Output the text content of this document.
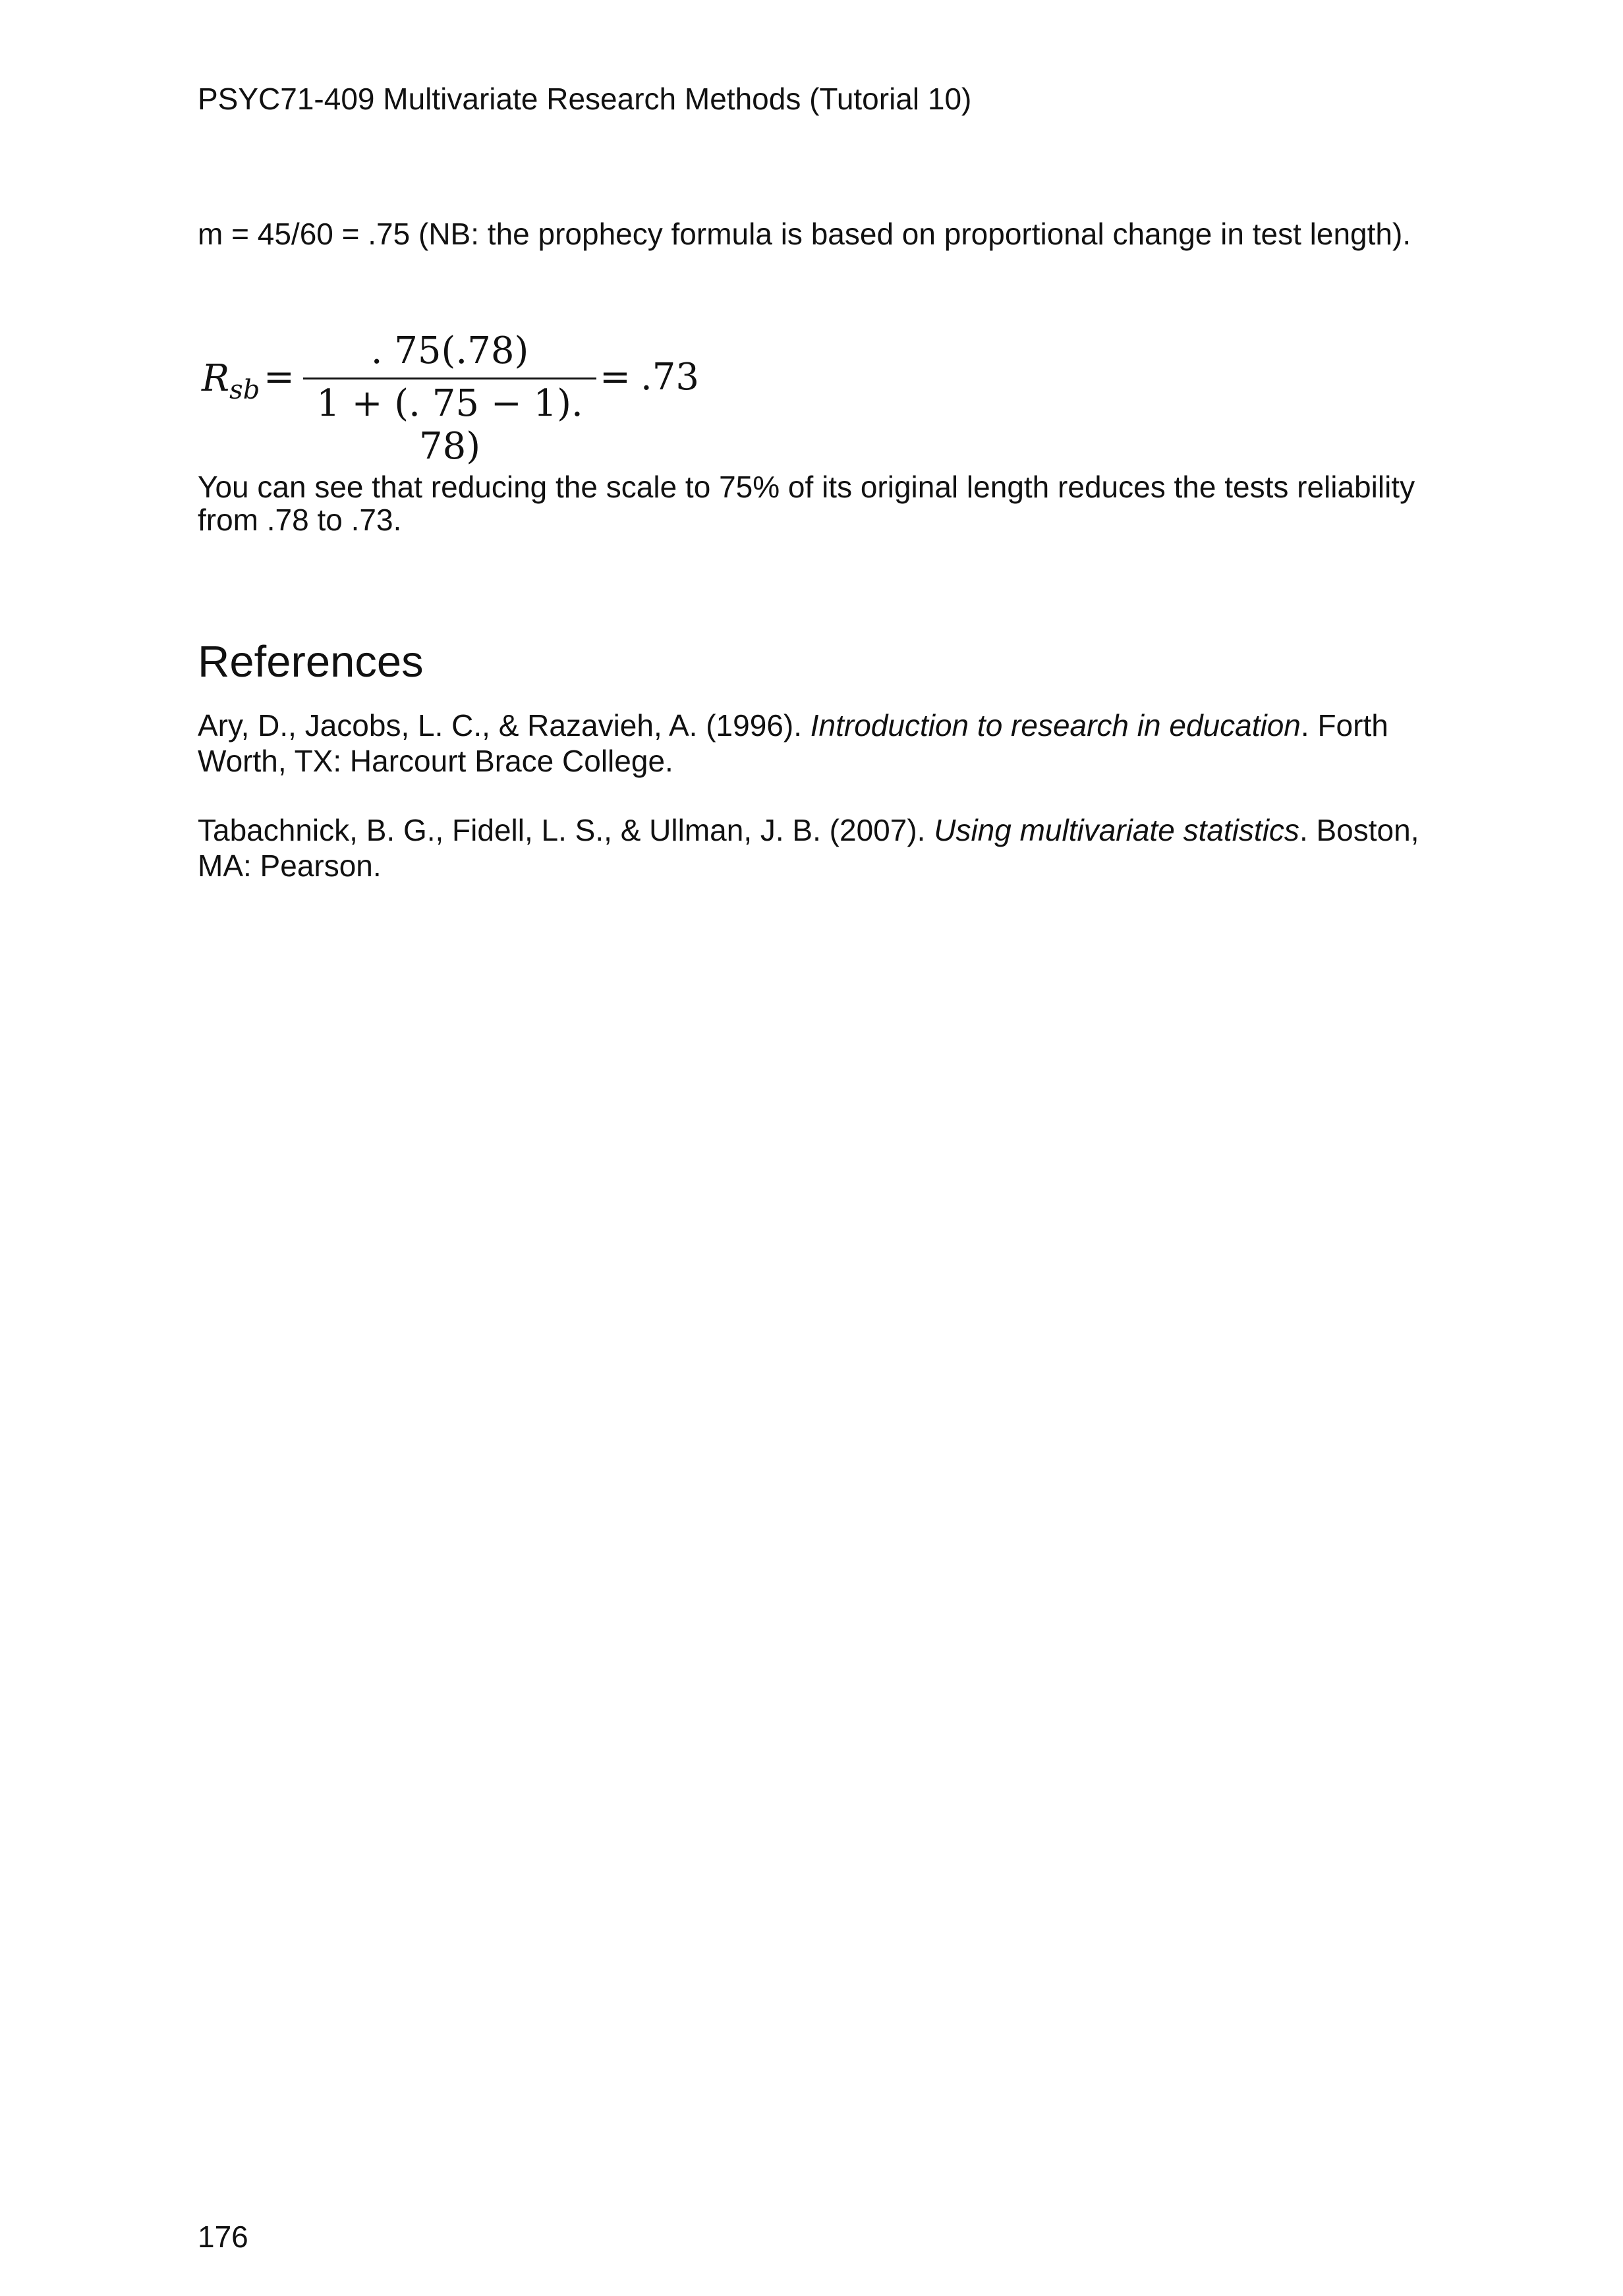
PSYC71-409 Multivariate Research Methods (Tutorial 10)
m = 45/60 = .75 (NB: the prophecy formula is based on proportional change in test length).
$R_{sb}$ =
. 75(.78)
1 + (. 75 − 1). 78)
= .73
You can see that reducing the scale to 75% of its original length reduces the tests reliability from .78 to .73.
References
Ary, D., Jacobs, L. C., & Razavieh, A. (1996). Introduction to research in education. Forth Worth, TX: Harcourt Brace College.
Tabachnick, B. G., Fidell, L. S., & Ullman, J. B. (2007). Using multivariate statistics. Boston, MA: Pearson.
176
